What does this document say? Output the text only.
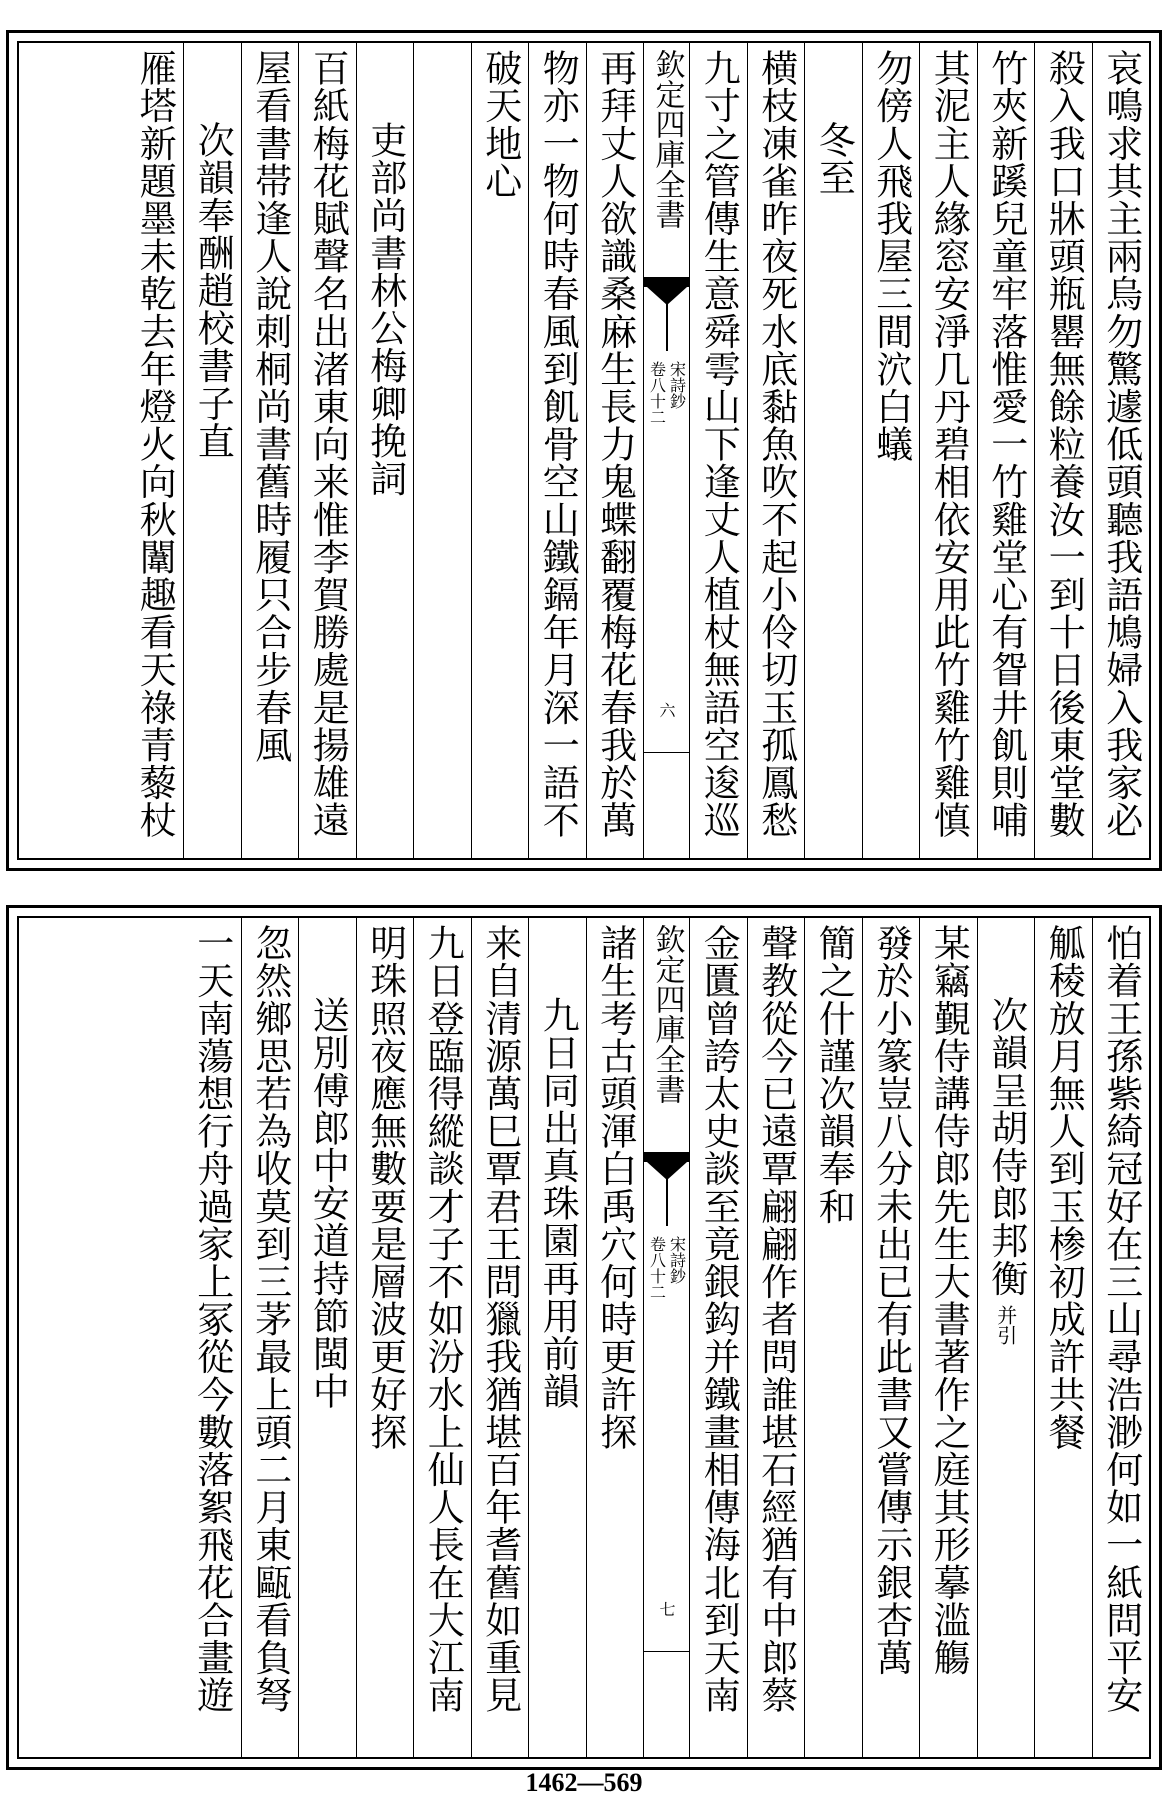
哀鳴求其主兩烏勿驚遽低頭聽我語鳩婦入我家必
殺入我口牀頭瓶罌無餘粒養汝一到十日後東堂數
竹夾新蹊兒童牢落惟愛一竹雞堂心有眢井飢則哺
其泥主人緣窓安淨几丹碧相依安用此竹雞竹雞慎
勿傍人飛我屋三間泬白蟻
冬至
横枝凍雀昨夜死水底黏魚吹不起小伶切玉孤鳳愁
九寸之管傳生意舜雩山下逢丈人植杖無語空逡巡
欽定四庫全書
宋詩鈔
卷八十二
六
再拜丈人欲識桑麻生長力鬼蝶翻覆梅花春我於萬
物亦一物何時春風到飢骨空山鐵鎘年月深一語不
破天地心
吏部尚書林公梅卿挽詞
百紙梅花賦聲名出渚東向来惟李賀勝處是揚雄遠
屋看書帯逢人說刺桐尚書舊時履只合步春風
次韻奉酬趙校書子直
雁塔新題墨未乾去年燈火向秋闈趣看天祿青藜杖
怕着王孫紫綺冠好在三山尋浩渺何如一紙問平安
觚稜放月無人到玉椮初成許共餐
次韻呈胡侍郎邦衡
并引
某竊覲侍講侍郎先生大書著作之庭其形摹滥觴
發於小篆豈八分未出已有此書又嘗傳示銀杏萬
簡之什謹次韻奉和
聲教從今已遠覃翩翩作者問誰堪石經猶有中郎蔡
金匱曾誇太史談至竟銀鈎并鐵畫相傳海北到天南
欽定四庫全書
宋詩鈔
卷八十二
七
諸生考古頭渾白禹穴何時更許探
九日同出真珠園再用前韻
来自清源萬巳覃君王問獵我猶堪百年耆舊如重見
九日登臨得縱談才子不如汾水上仙人長在大江南
明珠照夜應無數要是層波更好探
送別傅郎中安道持節閩中
忽然鄉思若為收莫到三茅最上頭二月東甌看負弩
一天南蕩想行舟過家上冢從今數落絮飛花合畫遊
1462—569
